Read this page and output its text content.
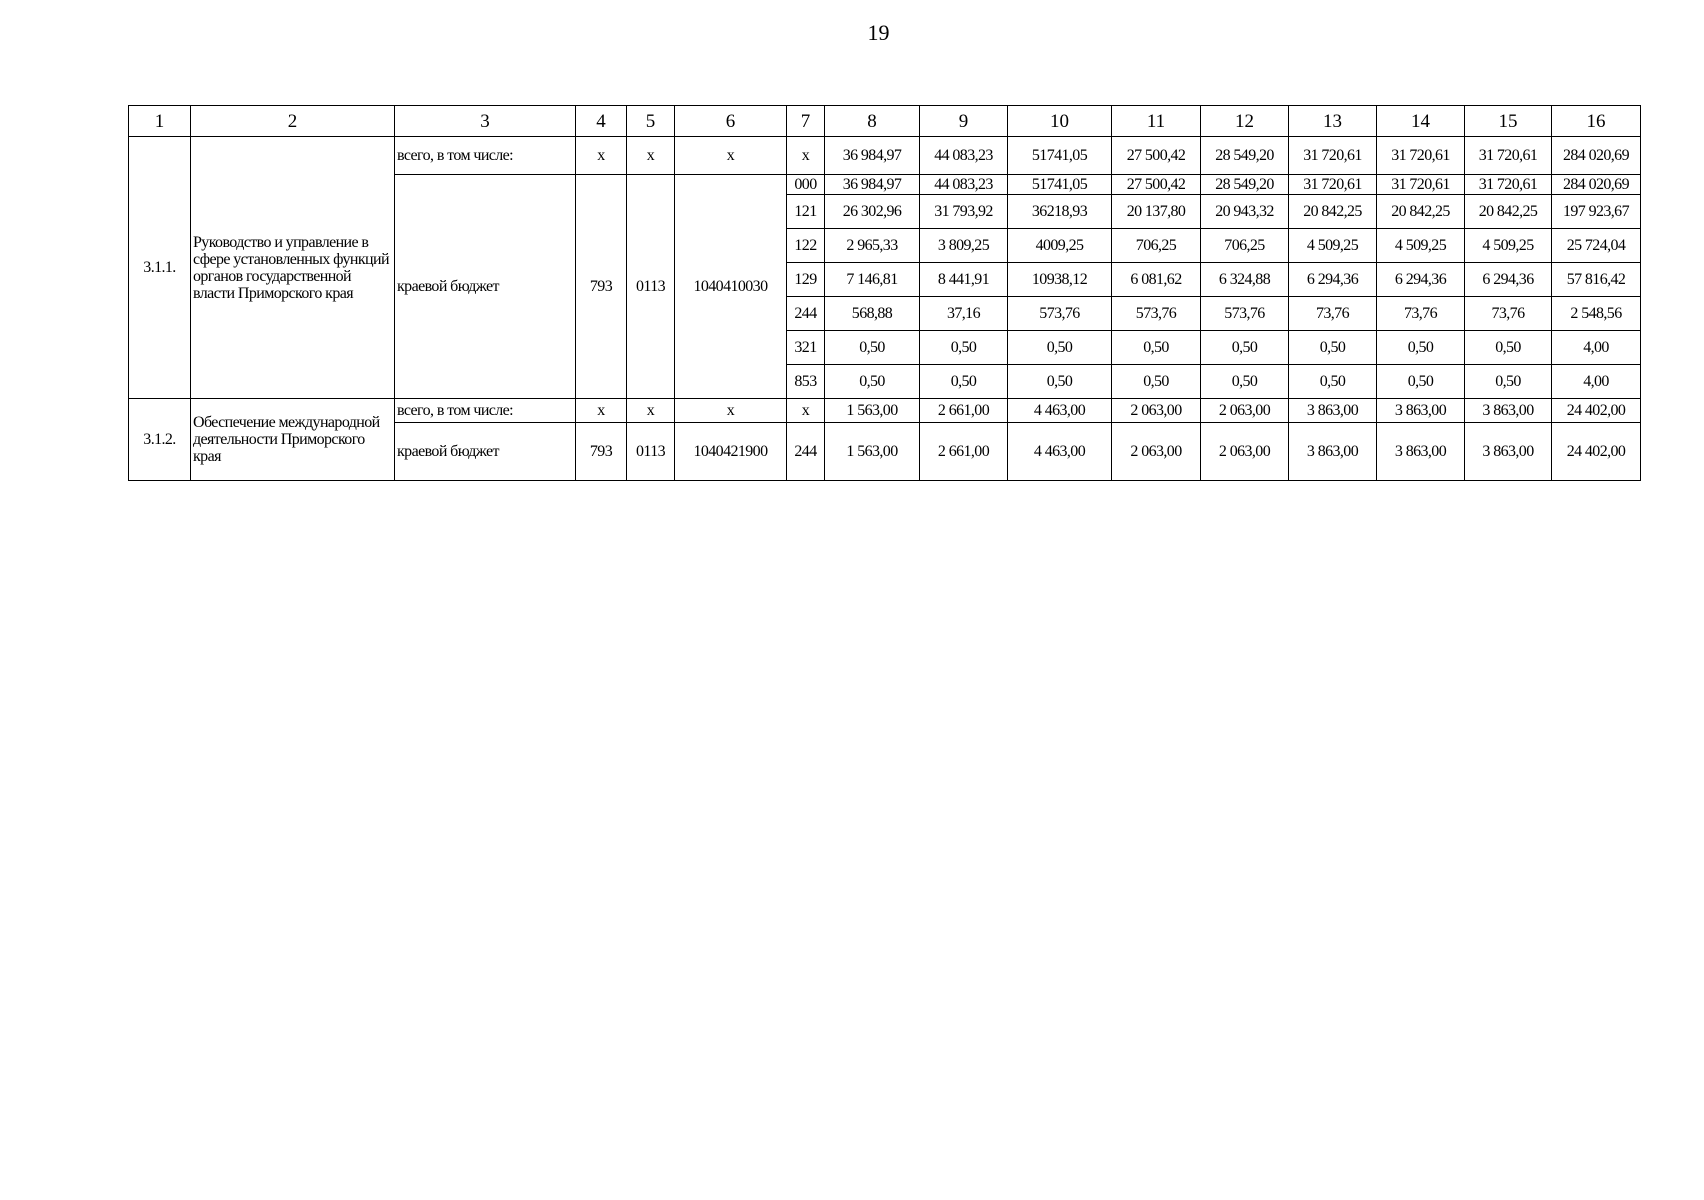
19
1	2	3	4	5	6	7	8	9	10	11	12	13	14	15	16
3.1.1.	Руководство и управление в сфере установленных функций органов государственной власти Приморского края	всего, в том числе:	x	x	x	x	36 984,97	44 083,23	51741,05	27 500,42	28 549,20	31 720,61	31 720,61	31 720,61	284 020,69
		краевой бюджет	793	0113	1040410030	000	36 984,97	44 083,23	51741,05	27 500,42	28 549,20	31 720,61	31 720,61	31 720,61	284 020,69
						121	26 302,96	31 793,92	36218,93	20 137,80	20 943,32	20 842,25	20 842,25	20 842,25	197 923,67
						122	2 965,33	3 809,25	4009,25	706,25	706,25	4 509,25	4 509,25	4 509,25	25 724,04
						129	7 146,81	8 441,91	10938,12	6 081,62	6 324,88	6 294,36	6 294,36	6 294,36	57 816,42
						244	568,88	37,16	573,76	573,76	573,76	73,76	73,76	73,76	2 548,56
						321	0,50	0,50	0,50	0,50	0,50	0,50	0,50	0,50	4,00
						853	0,50	0,50	0,50	0,50	0,50	0,50	0,50	0,50	4,00
3.1.2.	Обеспечение международной деятельности Приморского края	всего, в том числе:	x	x	x	x	1 563,00	2 661,00	4 463,00	2 063,00	2 063,00	3 863,00	3 863,00	3 863,00	24 402,00
		краевой бюджет	793	0113	1040421900	244	1 563,00	2 661,00	4 463,00	2 063,00	2 063,00	3 863,00	3 863,00	3 863,00	24 402,00
